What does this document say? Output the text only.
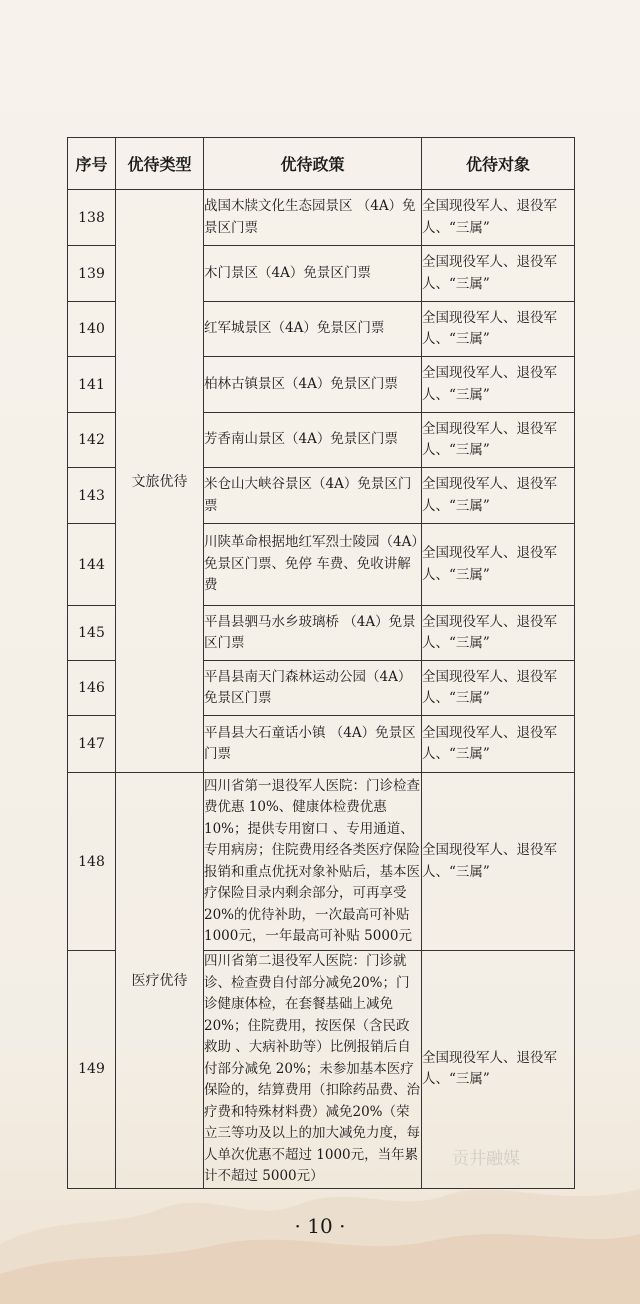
序号	优待类型	优待政策	优待对象
138	文旅优待	战国木牍文化生态园景区 （4A）免景区门票	全国现役军人、退役军人、“三属”
139		木门景区（4A）免景区门票	全国现役军人、退役军人、“三属”
140		红军城景区（4A）免景区门票	全国现役军人、退役军人、“三属”
141		柏林古镇景区（4A）免景区门票	全国现役军人、退役军人、“三属”
142		芳香南山景区（4A）免景区门票	全国现役军人、退役军人、“三属”
143		米仓山大峡谷景区（4A）免景区门票	全国现役军人、退役军人、“三属”
144		川陕革命根据地红军烈士陵园（4A）免景区门票、免停 车费、免收讲解费	全国现役军人、退役军人、“三属”
145		平昌县驷马水乡玻璃桥 （4A）免景区门票	全国现役军人、退役军人、“三属”
146		平昌县南天门森林运动公园（4A）免景区门票	全国现役军人、退役军人、“三属”
147		平昌县大石童话小镇 （4A）免景区门票	全国现役军人、退役军人、“三属”
148	医疗优待	四川省第一退役军人医院：门诊检查费优惠 10%、健康体检费优惠10%；提供专用窗口 、专用通道、专用病房；住院费用经各类医疗保险报销和重点优抚对象补贴后，基本医疗保险目录内剩余部分，可再享受 20%的优待补助，一次最高可补贴 1000元，一年最高可补贴 5000元	全国现役军人、退役军人、“三属”
149		四川省第二退役军人医院：门诊就诊、检查费自付部分减免20%；门诊健康体检，在套餐基础上减免 20%；住院费用，按医保（含民政救助 、大病补助等）比例报销后自付部分减免 20%；未参加基本医疗保险的，结算费用（扣除药品费、治疗费和特殊材料费）减免20%（荣立三等功及以上的加大减免力度，每人单次优惠不超过 1000元，当年累计不超过 5000元）	全国现役军人、退役军人、“三属”
贡井融媒
· 10 ·
